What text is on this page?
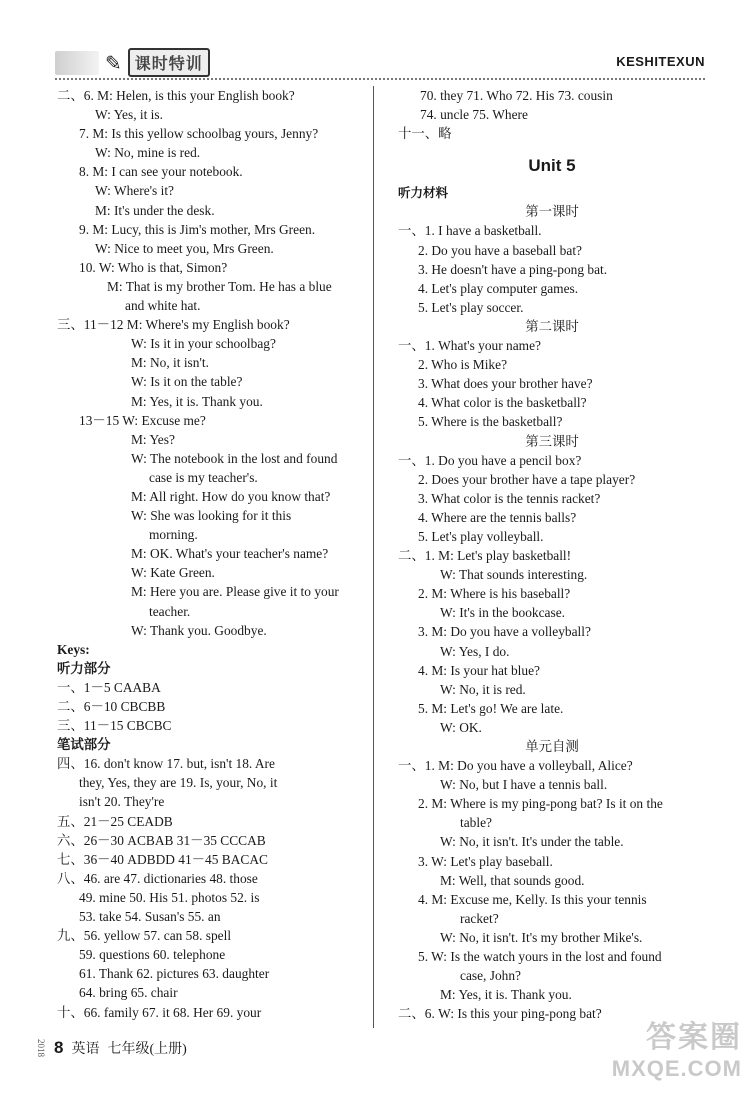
✎ 课时特训	KESHITEXUN
二、6. M: Helen, is this your English book?
W: Yes, it is.
7. M: Is this yellow schoolbag yours, Jenny?
W: No, mine is red.
8. M: I can see your notebook.
W: Where's it?
M: It's under the desk.
9. M: Lucy, this is Jim's mother, Mrs Green.
W: Nice to meet you, Mrs Green.
10. W: Who is that, Simon?
M: That is my brother Tom. He has a blue
and white hat.
三、11－12 M: Where's my English book?
W: Is it in your schoolbag?
M: No, it isn't.
W: Is it on the table?
M: Yes, it is. Thank you.
13－15 W: Excuse me?
M: Yes?
W: The notebook in the lost and found
case is my teacher's.
M: All right. How do you know that?
W: She was looking for it this
morning.
M: OK. What's your teacher's name?
W: Kate Green.
M: Here you are. Please give it to your
teacher.
W: Thank you. Goodbye.
Keys:
听力部分
一、1－5 CAABA
二、6－10 CBCBB
三、11－15 CBCBC
笔试部分
四、16. don't know 17. but, isn't 18. Are
they, Yes, they are 19. Is, your, No, it
isn't 20. They're
五、21－25 CEADB
六、26－30 ACBAB 31－35 CCCAB
七、36－40 ADBDD 41－45 BACAC
八、46. are 47. dictionaries 48. those
49. mine 50. His 51. photos 52. is
53. take 54. Susan's 55. an
九、56. yellow 57. can 58. spell
59. questions 60. telephone
61. Thank 62. pictures 63. daughter
64. bring 65. chair
十、66. family 67. it 68. Her 69. your
70. they 71. Who 72. His 73. cousin
74. uncle 75. Where
十一、略
Unit 5
听力材料
第一课时
一、1. I have a basketball.
2. Do you have a baseball bat?
3. He doesn't have a ping-pong bat.
4. Let's play computer games.
5. Let's play soccer.
第二课时
一、1. What's your name?
2. Who is Mike?
3. What does your brother have?
4. What color is the basketball?
5. Where is the basketball?
第三课时
一、1. Do you have a pencil box?
2. Does your brother have a tape player?
3. What color is the tennis racket?
4. Where are the tennis balls?
5. Let's play volleyball.
二、1. M: Let's play basketball!
W: That sounds interesting.
2. M: Where is his baseball?
W: It's in the bookcase.
3. M: Do you have a volleyball?
W: Yes, I do.
4. M: Is your hat blue?
W: No, it is red.
5. M: Let's go! We are late.
W: OK.
单元自测
一、1. M: Do you have a volleyball, Alice?
W: No, but I have a tennis ball.
2. M: Where is my ping-pong bat? Is it on the
table?
W: No, it isn't. It's under the table.
3. W: Let's play baseball.
M: Well, that sounds good.
4. M: Excuse me, Kelly. Is this your tennis
racket?
W: No, it isn't. It's my brother Mike's.
5. W: Is the watch yours in the lost and found
case, John?
M: Yes, it is. Thank you.
二、6. W: Is this your ping-pong bat?
2018 8 英语 七年级(上册)	答案圈
MXQE.COM
